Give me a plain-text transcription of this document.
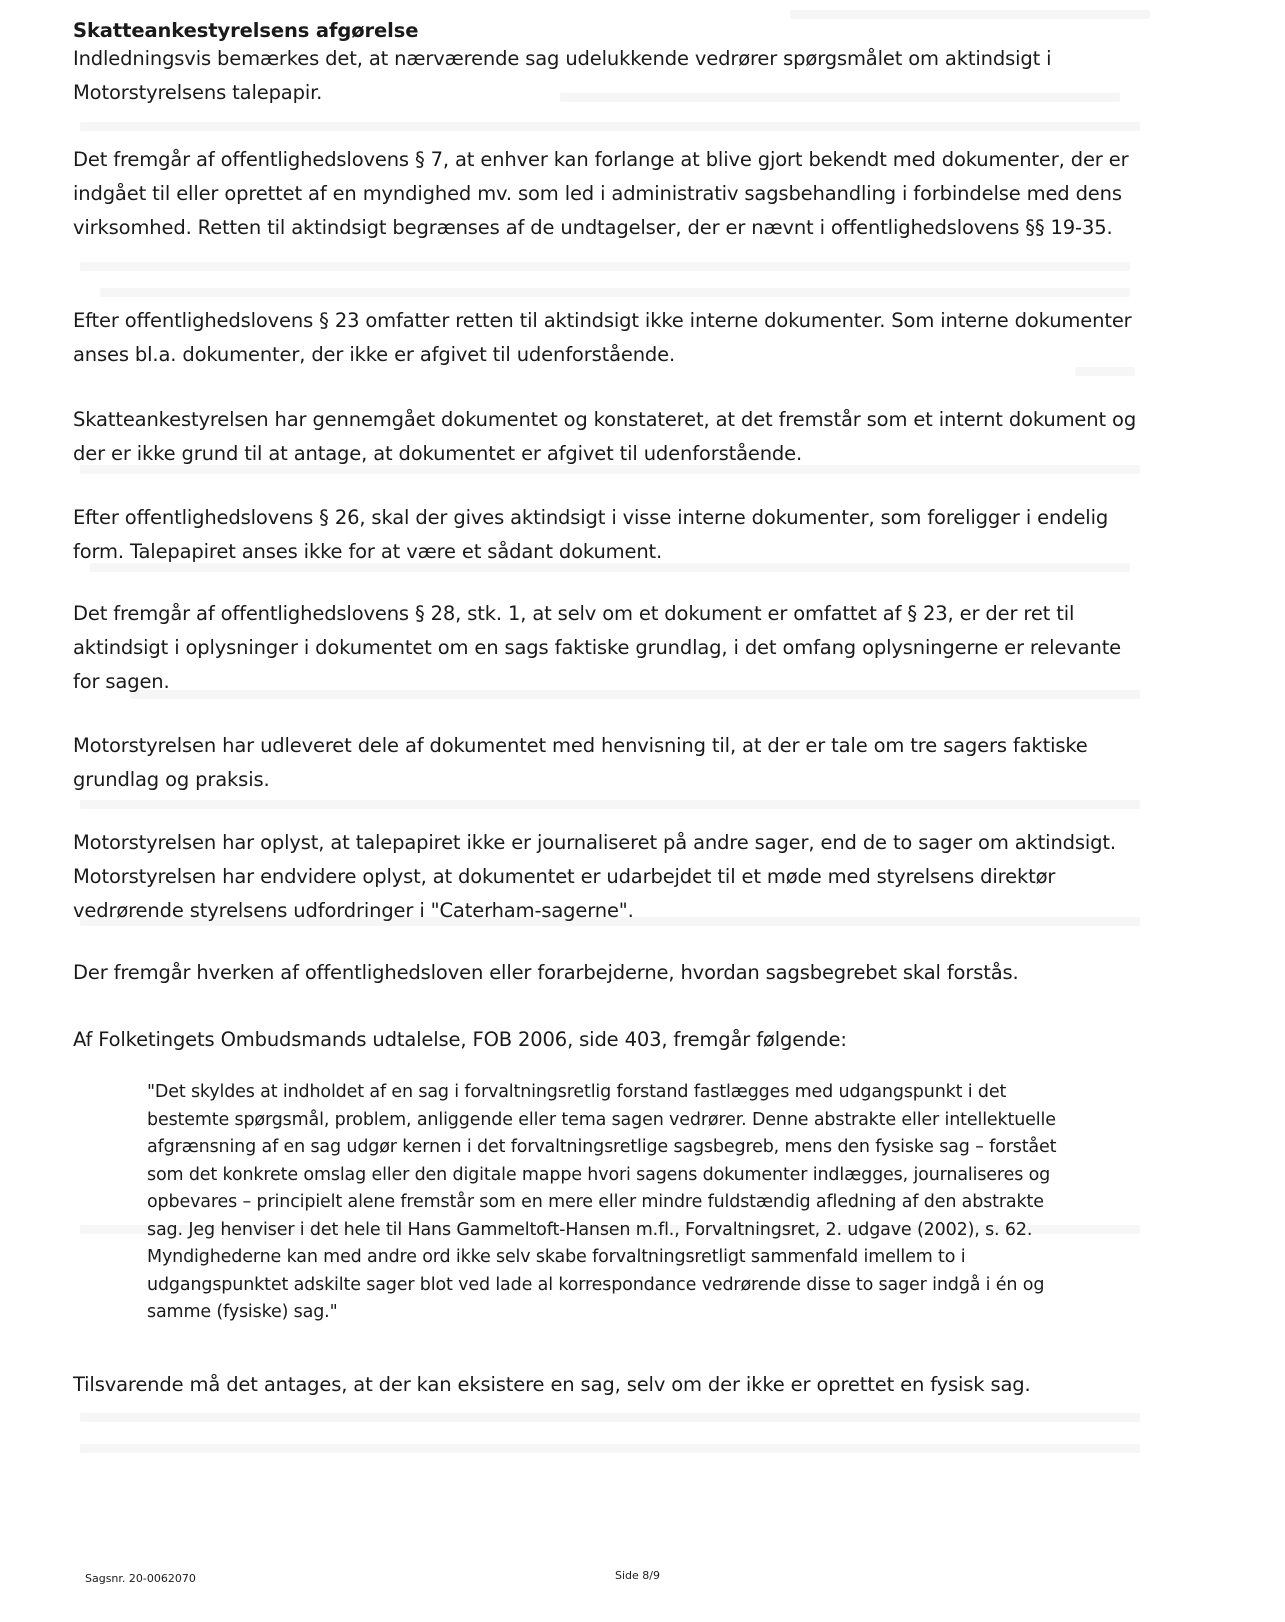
Skatteankestyrelsens afgørelse
Indledningsvis bemærkes det, at nærværende sag udelukkende vedrører spørgsmålet om aktindsigt i Motorstyrelsens talepapir.
Det fremgår af offentlighedslovens § 7, at enhver kan forlange at blive gjort bekendt med dokumenter, der er indgået til eller oprettet af en myndighed mv. som led i administrativ sagsbehandling i forbindelse med dens virksomhed. Retten til aktindsigt begrænses af de undtagelser, der er nævnt i offentlighedslovens §§ 19-35.
Efter offentlighedslovens § 23 omfatter retten til aktindsigt ikke interne dokumenter. Som interne dokumenter anses bl.a. dokumenter, der ikke er afgivet til udenforstående.
Skatteankestyrelsen har gennemgået dokumentet og konstateret, at det fremstår som et internt dokument og der er ikke grund til at antage, at dokumentet er afgivet til udenforstående.
Efter offentlighedslovens § 26, skal der gives aktindsigt i visse interne dokumenter, som foreligger i endelig form. Talepapiret anses ikke for at være et sådant dokument.
Det fremgår af offentlighedslovens § 28, stk. 1, at selv om et dokument er omfattet af § 23, er der ret til aktindsigt i oplysninger i dokumentet om en sags faktiske grundlag, i det omfang oplysningerne er relevante for sagen.
Motorstyrelsen har udleveret dele af dokumentet med henvisning til, at der er tale om tre sagers faktiske grundlag og praksis.
Motorstyrelsen har oplyst, at talepapiret ikke er journaliseret på andre sager, end de to sager om aktindsigt. Motorstyrelsen har endvidere oplyst, at dokumentet er udarbejdet til et møde med styrelsens direktør vedrørende styrelsens udfordringer i "Caterham-sagerne".
Der fremgår hverken af offentlighedsloven eller forarbejderne, hvordan sagsbegrebet skal forstås.
Af Folketingets Ombudsmands udtalelse, FOB 2006, side 403, fremgår følgende:
"Det skyldes at indholdet af en sag i forvaltningsretlig forstand fastlægges med udgangspunkt i det bestemte spørgsmål, problem, anliggende eller tema sagen vedrører. Denne abstrakte eller intellektuelle afgrænsning af en sag udgør kernen i det forvaltningsretlige sagsbegreb, mens den fysiske sag – forstået som det konkrete omslag eller den digitale mappe hvori sagens dokumenter indlægges, journaliseres og opbevares – principielt alene fremstår som en mere eller mindre fuldstændig afledning af den abstrakte sag. Jeg henviser i det hele til Hans Gammeltoft-Hansen m.fl., Forvaltningsret, 2. udgave (2002), s. 62. Myndighederne kan med andre ord ikke selv skabe forvaltningsretligt sammenfald imellem to i udgangspunktet adskilte sager blot ved lade al korrespondance vedrørende disse to sager indgå i én og samme (fysiske) sag."
Tilsvarende må det antages, at der kan eksistere en sag, selv om der ikke er oprettet en fysisk sag.
Sagsnr. 20-0062070	Side 8/9
